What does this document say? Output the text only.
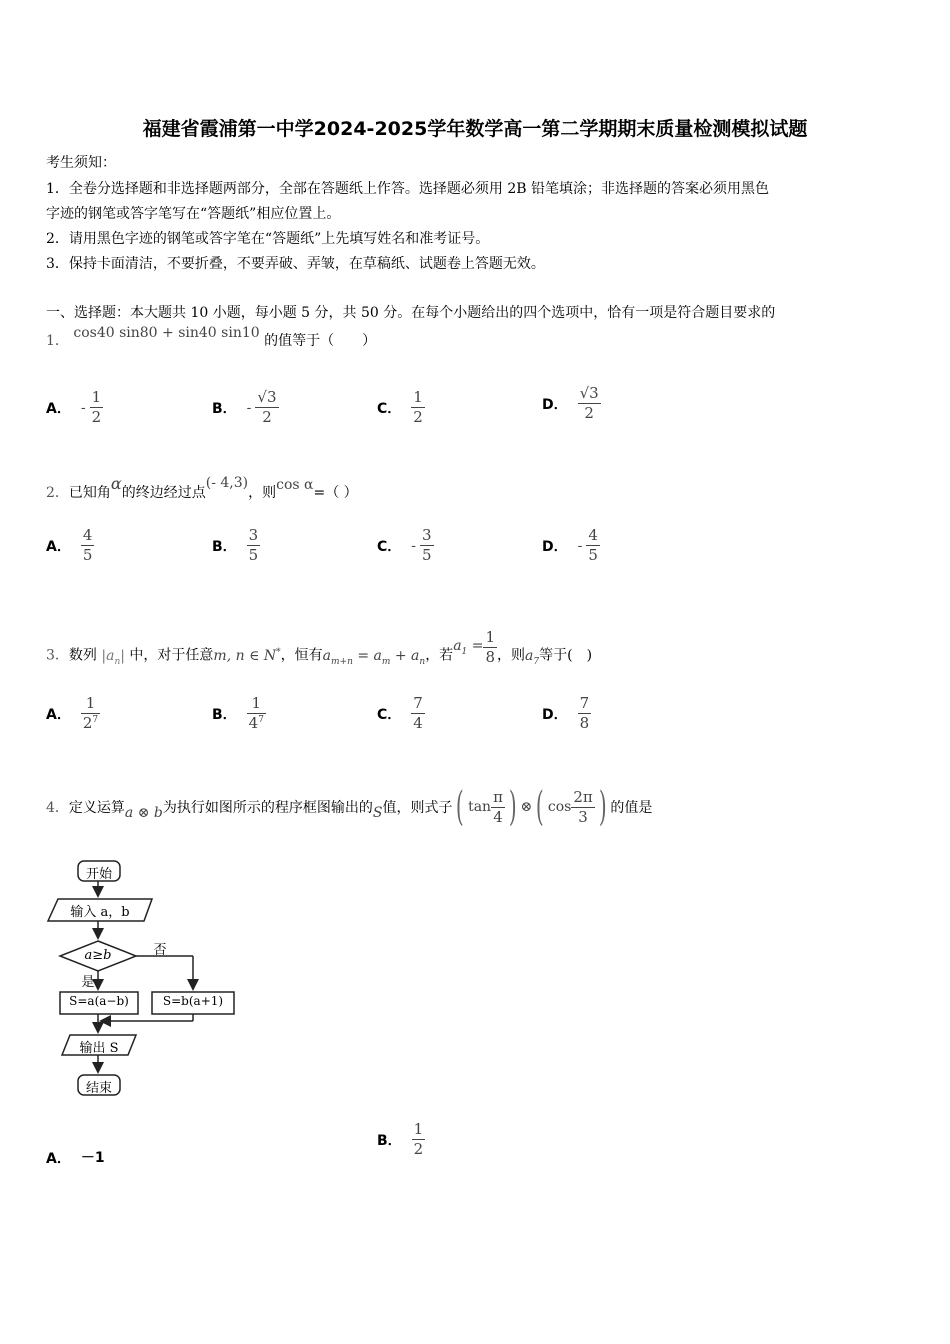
福建省霞浦第一中学2024-2025学年数学高一第二学期期末质量检测模拟试题
考生须知：
1．全卷分选择题和非选择题两部分，全部在答题纸上作答。选择题必须用 2B 铅笔填涂；非选择题的答案必须用黑色
字迹的钢笔或答字笔写在“答题纸”相应位置上。
2．请用黑色字迹的钢笔或答字笔在“答题纸”上先填写姓名和准考证号。
3．保持卡面清洁，不要折叠，不要弄破、弄皱，在草稿纸、试题卷上答题无效。
一、选择题：本大题共 10 小题，每小题 5 分，共 50 分。在每个小题给出的四个选项中，恰有一项是符合题目要求的
1． cos40 sin80 + sin40 sin10 的值等于（　　）
A． - $\frac{1}{2}$	B． - $\frac{√3}{2}$	C． $\frac{1}{2}$	D． $\frac{√3}{2}$
2．已知角α的终边经过点(- 4,3)，则cos α=（ ）
A． $\frac{4}{5}$	B． $\frac{3}{5}$	C． - $\frac{3}{5}$	D． - $\frac{4}{5}$
3．数列 $|a_n|$ 中，对于任意m, n ∈ N*，恒有$a_{m+n} = a_m + a_n$，若$a_1 = \frac{1}{8}$ ，则$a_7$等于(　)
A． $\frac{1}{2^7}$	B． $\frac{1}{4^7}$	C． $\frac{7}{4}$	D． $\frac{7}{8}$
4．定义运算a ⊗ b为执行如图所示的程序框图输出的S值，则式子( $\tan \frac{\pi}{4}$ ) ⊗( $\cos \frac{2\pi}{3}$ ) 的值是
开始
输入 a，b
a≥b	否
是
S=a(a−b)	S=b(a+1)
输出 S
结束
A． －1
B． $\frac{1}{2}$
